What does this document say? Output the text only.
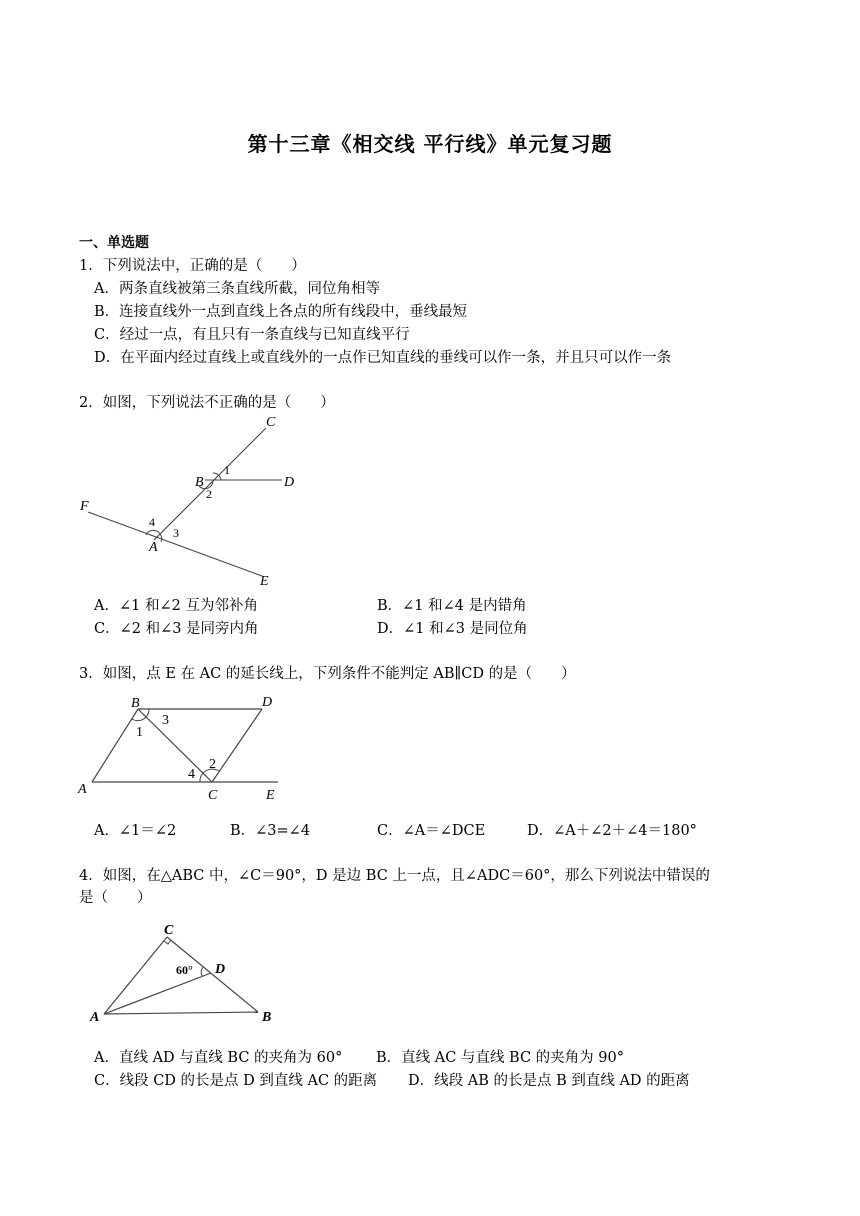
第十三章《相交线 平行线》单元复习题
一、单选题
1．下列说法中，正确的是（　　）
A．两条直线被第三条直线所截，同位角相等
B．连接直线外一点到直线上各点的所有线段中，垂线最短
C．经过一点，有且只有一条直线与已知直线平行
D．在平面内经过直线上或直线外的一点作已知直线的垂线可以作一条，并且只可以作一条
2．如图，下列说法不正确的是（　　）
C
B	D
F
A
E
1
2
3
4
A．∠1 和∠2 互为邻补角	B．∠1 和∠4 是内错角
C．∠2 和∠3 是同旁内角	D．∠1 和∠3 是同位角
3．如图，点 E 在 AC 的延长线上，下列条件不能判定 AB∥CD 的是（　　）
B	D
A	C	E
1
2
3
4
A．∠1＝∠2	B．∠3=∠4	C．∠A＝∠DCE	D．∠A＋∠2＋∠4＝180°
4．如图，在△ABC 中，∠C＝90°，D 是边 BC 上一点，且∠ADC＝60°，那么下列说法中错误的
是（　　）
C
A	B
D
60°
A．直线 AD 与直线 BC 的夹角为 60° B．直线 AC 与直线 BC 的夹角为 90°
C．线段 CD 的长是点 D 到直线 AC 的距离 D．线段 AB 的长是点 B 到直线 AD 的距离
